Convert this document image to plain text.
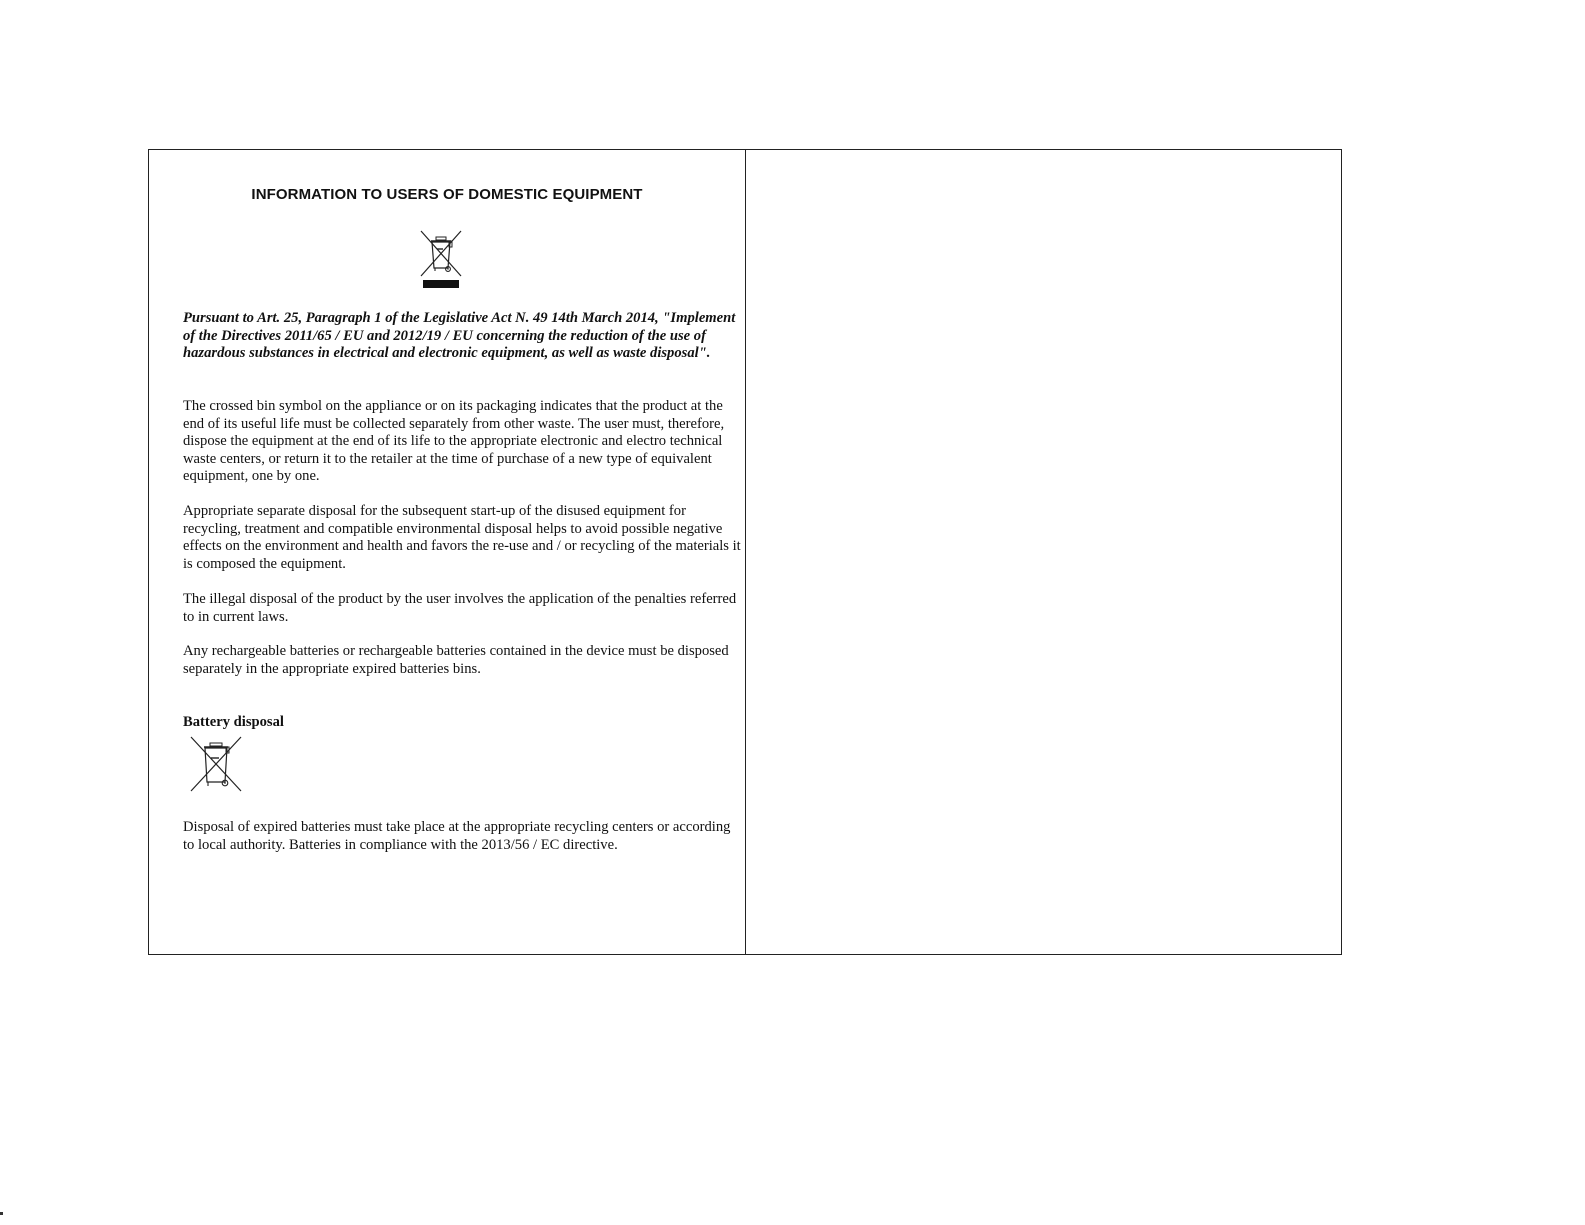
INFORMATION TO USERS OF DOMESTIC EQUIPMENT

Pursuant to Art. 25, Paragraph 1 of the Legislative Act N. 49 14th March 2014, "Implement of the Directives 2011/65 / EU and 2012/19 / EU concerning the reduction of the use of hazardous substances in electrical and electronic equipment, as well as waste disposal".

The crossed bin symbol on the appliance or on its packaging indicates that the product at the end of its useful life must be collected separately from other waste. The user must, therefore, dispose the equipment at the end of its life to the appropriate electronic and electro technical waste centers, or return it to the retailer at the time of purchase of a new type of equivalent equipment, one by one.

Appropriate separate disposal for the subsequent start-up of the disused equipment for recycling, treatment and compatible environmental disposal helps to avoid possible negative effects on the environment and health and favors the re-use and / or recycling of the materials it is composed the equipment.

The illegal disposal of the product by the user involves the application of the penalties referred to in current laws.

Any rechargeable batteries or rechargeable batteries contained in the device must be disposed separately in the appropriate expired batteries bins.

Battery disposal

Disposal of expired batteries must take place at the appropriate recycling centers or according to local authority. Batteries in compliance with the 2013/56 / EC directive.
